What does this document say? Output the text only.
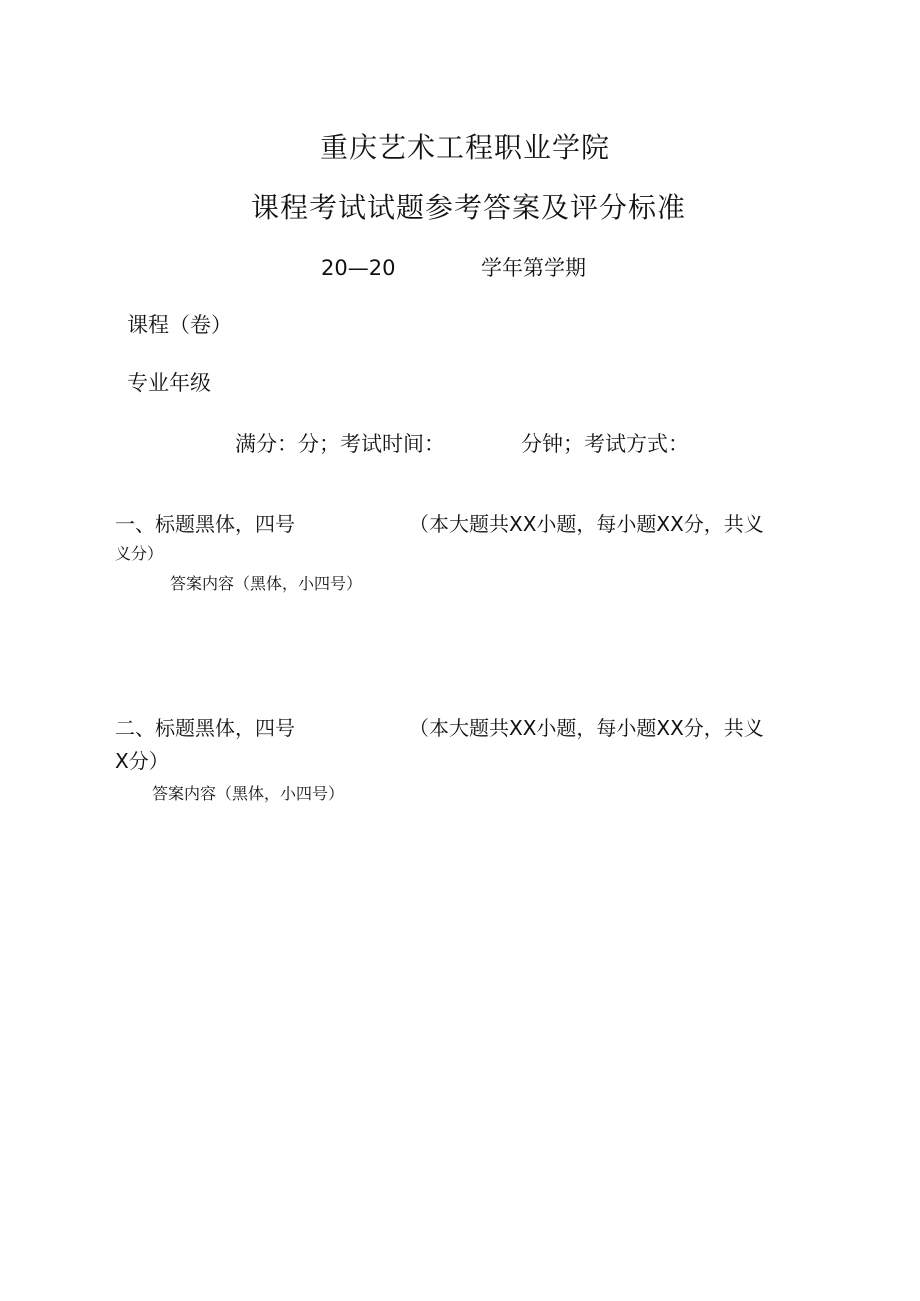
重庆艺术工程职业学院
课程考试试题参考答案及评分标准
20—20	学年第学期
课程（卷）
专业年级
满分：分；考试时间：	分钟；考试方式：
一、标题黑体，四号	（本大题共XX小题，每小题XX分，共义
义分）
答案内容（黑体，小四号）
二、标题黑体，四号	（本大题共XX小题，每小题XX分，共义
X分）
答案内容（黑体，小四号）
